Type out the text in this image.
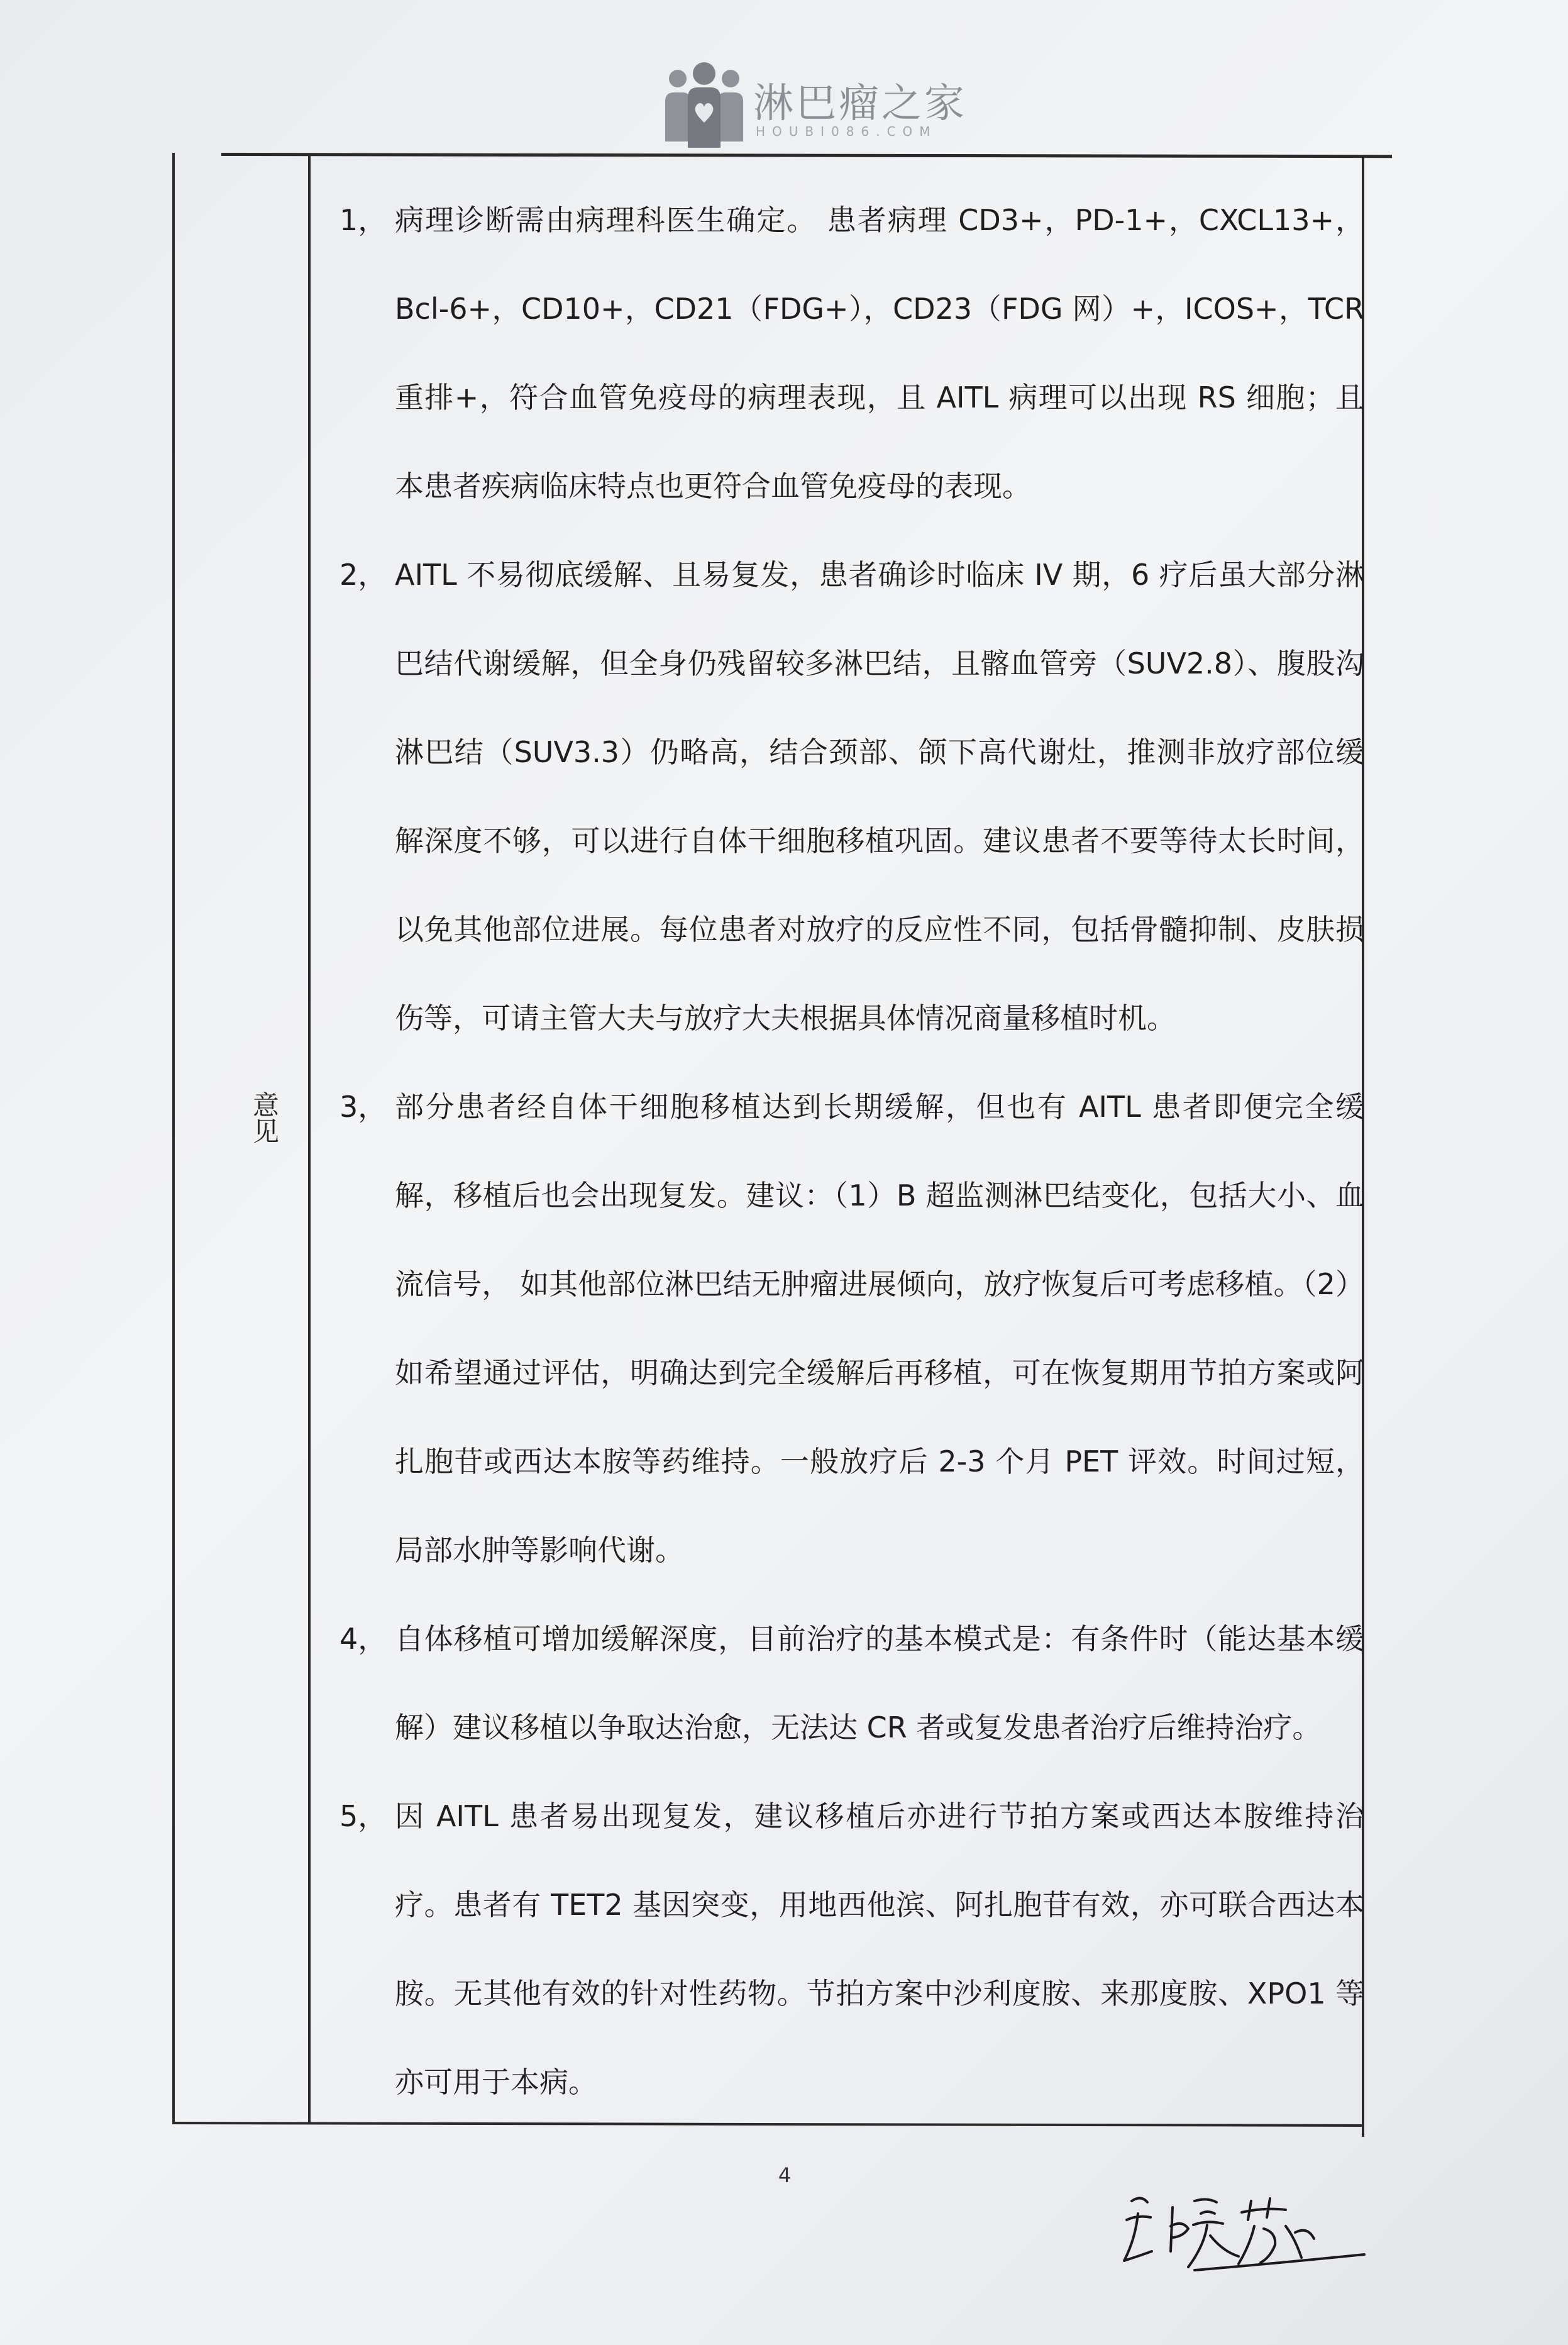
淋巴瘤之家
HOUBI086.COM
意见
1， 病理诊断需由病理科医生确定。 患者病理 CD3+，PD-1+，CXCL13+，Bcl-6+，CD10+，CD21（FDG+），CD23（FDG 网）+，ICOS+，TCR 重排+，符合血管免疫母的病理表现，且 AITL 病理可以出现 RS 细胞；且本患者疾病临床特点也更符合血管免疫母的表现。
2， AITL 不易彻底缓解、且易复发，患者确诊时临床 IV 期，6 疗后虽大部分淋巴结代谢缓解，但全身仍残留较多淋巴结，且髂血管旁（SUV2.8）、腹股沟淋巴结（SUV3.3）仍略高，结合颈部、颌下高代谢灶，推测非放疗部位缓解深度不够，可以进行自体干细胞移植巩固。建议患者不要等待太长时间，以免其他部位进展。每位患者对放疗的反应性不同，包括骨髓抑制、皮肤损伤等，可请主管大夫与放疗大夫根据具体情况商量移植时机。
3， 部分患者经自体干细胞移植达到长期缓解，但也有 AITL 患者即便完全缓解，移植后也会出现复发。建议：（1）B 超监测淋巴结变化，包括大小、血流信号， 如其他部位淋巴结无肿瘤进展倾向，放疗恢复后可考虑移植。（2）如希望通过评估，明确达到完全缓解后再移植，可在恢复期用节拍方案或阿扎胞苷或西达本胺等药维持。一般放疗后 2-3 个月 PET 评效。时间过短，局部水肿等影响代谢。
4， 自体移植可增加缓解深度，目前治疗的基本模式是：有条件时（能达基本缓解）建议移植以争取达治愈，无法达 CR 者或复发患者治疗后维持治疗。
5， 因 AITL 患者易出现复发，建议移植后亦进行节拍方案或西达本胺维持治疗。患者有 TET2 基因突变，用地西他滨、阿扎胞苷有效，亦可联合西达本胺。无其他有效的针对性药物。节拍方案中沙利度胺、来那度胺、XPO1 等亦可用于本病。
4
